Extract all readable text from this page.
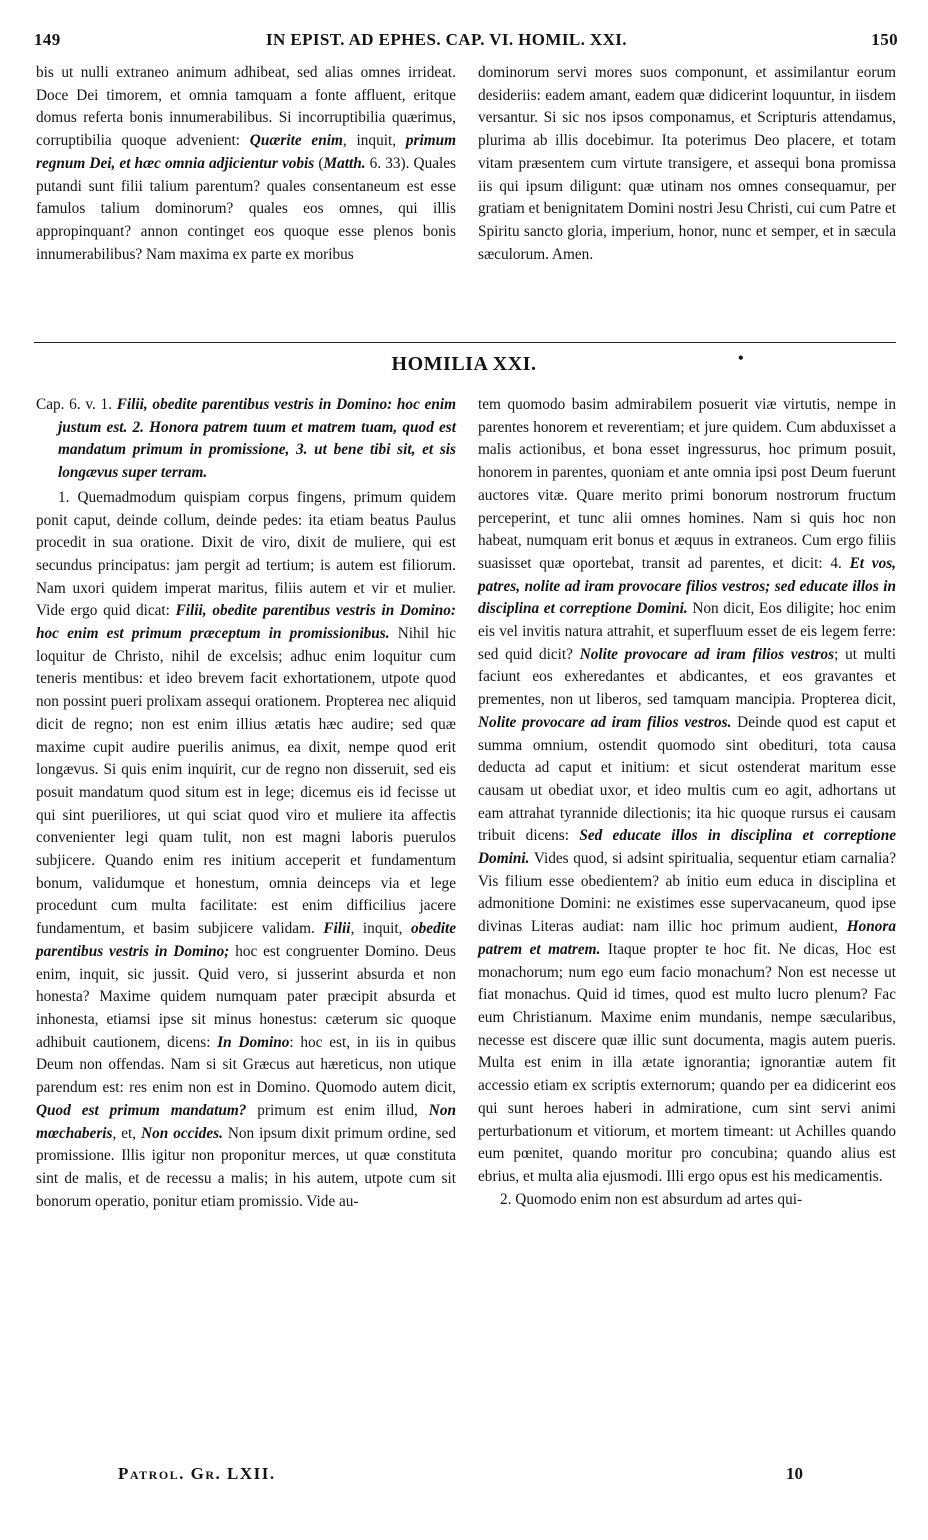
149	IN EPIST. AD EPHES. CAP. VI. HOMIL. XXI.	150

bis ut nulli extraneo animum adhibeat, sed alias omnes irrideat. Doce Dei timorem, et omnia tamquam a fonte affluent, eritque domus referta bonis innumerabilibus. Si incorruptibilia quærimus, corruptibilia quoque advenient: Quærite enim, inquit, primum regnum Dei, et hæc omnia adjicientur vobis (Matth. 6. 33). Quales putandi sunt filii talium parentum? quales consentaneum est esse famulos talium dominorum? quales eos omnes, qui illis appropinquant? annon continget eos quoque esse plenos bonis innumerabilibus? Nam maxima ex parte ex moribus

dominorum servi mores suos componunt, et assimilantur eorum desideriis: eadem amant, eadem quæ didicerint loquuntur, in iisdem versantur. Si sic nos ipsos componamus, et Scripturis attendamus, plurima ab illis docebimur. Ita poterimus Deo placere, et totam vitam præsentem cum virtute transigere, et assequi bona promissa iis qui ipsum diligunt: quæ utinam nos omnes consequamur, per gratiam et benignitatem Domini nostri Jesu Christi, cui cum Patre et Spiritu sancto gloria, imperium, honor, nunc et semper, et in sæcula sæculorum. Amen.

•
HOMILIA XXI.

Cap. 6. v. 1. Filii, obedite parentibus vestris in Domino: hoc enim justum est. 2. Honora patrem tuum et matrem tuam, quod est mandatum primum in promissione, 3. ut bene tibi sit, et sis longævus super terram.

1. Quemadmodum quispiam corpus fingens, primum quidem ponit caput, deinde collum, deinde pedes: ita etiam beatus Paulus procedit in sua oratione. Dixit de viro, dixit de muliere, qui est secundus principatus: jam pergit ad tertium; is autem est filiorum. Nam uxori quidem imperat maritus, filiis autem et vir et mulier. Vide ergo quid dicat: Filii, obedite parentibus vestris in Domino: hoc enim est primum præceptum in promissionibus. Nihil hic loquitur de Christo, nihil de excelsis; adhuc enim loquitur cum teneris mentibus: et ideo brevem facit exhortationem, utpote quod non possint pueri prolixam assequi orationem. Propterea nec aliquid dicit de regno; non est enim illius ætatis hæc audire; sed quæ maxime cupit audire puerilis animus, ea dixit, nempe quod erit longævus. Si quis enim inquirit, cur de regno non disseruit, sed eis posuit mandatum quod situm est in lege; dicemus eis id fecisse ut qui sint pueriliores, ut qui sciat quod viro et muliere ita affectis convenienter legi quam tulit, non est magni laboris puerulos subjicere. Quando enim res initium acceperit et fundamentum bonum, validumque et honestum, omnia deinceps via et lege procedunt cum multa facilitate: est enim difficilius jacere fundamentum, et basim subjicere validam. Filii, inquit, obedite parentibus vestris in Domino; hoc est congruenter Domino. Deus enim, inquit, sic jussit. Quid vero, si jusserint absurda et non honesta? Maxime quidem numquam pater præcipit absurda et inhonesta, etiamsi ipse sit minus honestus: cæterum sic quoque adhibuit cautionem, dicens: In Domino: hoc est, in iis in quibus Deum non offendas. Nam si sit Græcus aut hæreticus, non utique parendum est: res enim non est in Domino. Quomodo autem dicit, Quod est primum mandatum? primum est enim illud, Non mœchaberis, et, Non occides. Non ipsum dixit primum ordine, sed promissione. Illis igitur non proponitur merces, ut quæ constituta sint de malis, et de recessu a malis; in his autem, utpote cum sit bonorum operatio, ponitur etiam promissio. Vide au-

tem quomodo basim admirabilem posuerit viæ virtutis, nempe in parentes honorem et reverentiam; et jure quidem. Cum abduxisset a malis actionibus, et bona esset ingressurus, hoc primum posuit, honorem in parentes, quoniam et ante omnia ipsi post Deum fuerunt auctores vitæ. Quare merito primi bonorum nostrorum fructum perceperint, et tunc alii omnes homines. Nam si quis hoc non habeat, numquam erit bonus et æquus in extraneos. Cum ergo filiis suasisset quæ oportebat, transit ad parentes, et dicit: 4. Et vos, patres, nolite ad iram provocare filios vestros; sed educate illos in disciplina et correptione Domini. Non dicit, Eos diligite; hoc enim eis vel invitis natura attrahit, et superfluum esset de eis legem ferre: sed quid dicit? Nolite provocare ad iram filios vestros; ut multi faciunt eos exheredantes et abdicantes, et eos gravantes et prementes, non ut liberos, sed tamquam mancipia. Propterea dicit, Nolite provocare ad iram filios vestros. Deinde quod est caput et summa omnium, ostendit quomodo sint obedituri, tota causa deducta ad caput et initium: et sicut ostenderat maritum esse causam ut obediat uxor, et ideo multis cum eo agit, adhortans ut eam attrahat tyrannide dilectionis; ita hic quoque rursus ei causam tribuit dicens: Sed educate illos in disciplina et correptione Domini. Vides quod, si adsint spiritualia, sequentur etiam carnalia? Vis filium esse obedientem? ab initio eum educa in disciplina et admonitione Domini: ne existimes esse supervacaneum, quod ipse divinas Literas audiat: nam illic hoc primum audient, Honora patrem et matrem. Itaque propter te hoc fit. Ne dicas, Hoc est monachorum; num ego eum facio monachum? Non est necesse ut fiat monachus. Quid id times, quod est multo lucro plenum? Fac eum Christianum. Maxime enim mundanis, nempe sæcularibus, necesse est discere quæ illic sunt documenta, magis autem pueris. Multa est enim in illa ætate ignorantia; ignorantiæ autem fit accessio etiam ex scriptis externorum; quando per ea didicerint eos qui sunt heroes haberi in admiratione, cum sint servi animi perturbationum et vitiorum, et mortem timeant: ut Achilles quando eum pœnitet, quando moritur pro concubina; quando alius est ebrius, et multa alia ejusmodi. Illi ergo opus est his medicamentis.

2. Quomodo enim non est absurdum ad artes qui-

Patrol. Gr. LXII.	10
